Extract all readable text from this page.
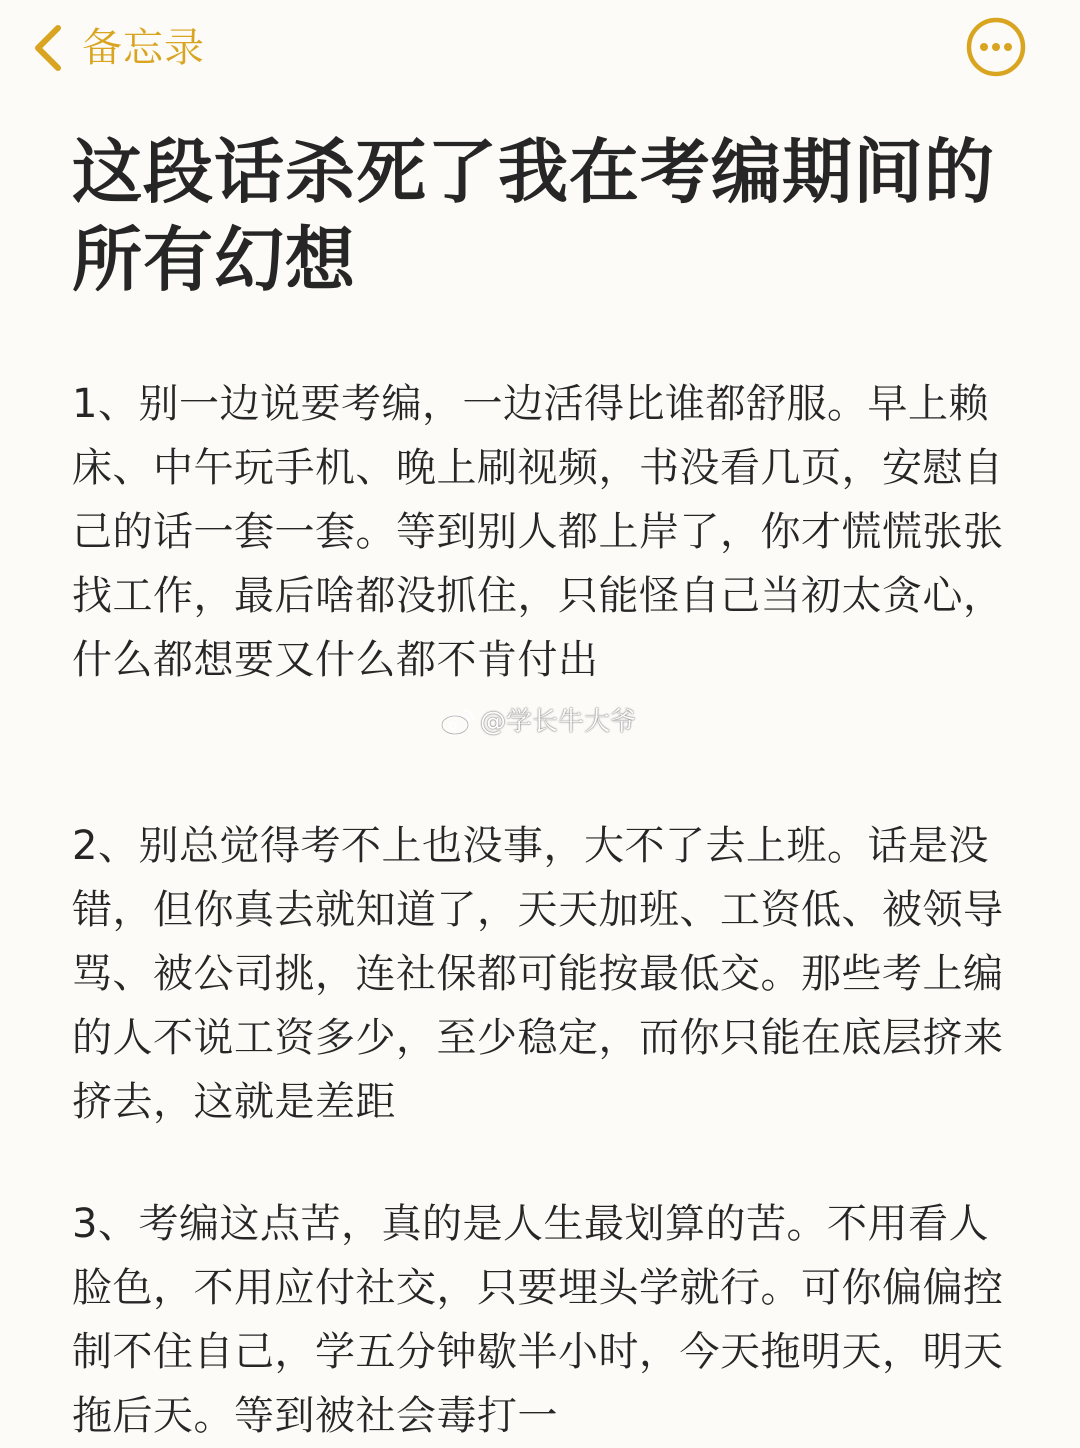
备忘录
这段话杀死了我在考编期间的所有幻想

1、别一边说要考编，一边活得比谁都舒服。早上赖床、中午玩手机、晚上刷视频，书没看几页，安慰自己的话一套一套。等到别人都上岸了，你才慌慌张张找工作，最后啥都没抓住，只能怪自己当初太贪心，什么都想要又什么都不肯付出

2、别总觉得考不上也没事，大不了去上班。话是没错，但你真去就知道了，天天加班、工资低、被领导骂、被公司挑，连社保都可能按最低交。那些考上编的人不说工资多少，至少稳定，而你只能在底层挤来挤去，这就是差距

3、考编这点苦，真的是人生最划算的苦。不用看人脸色，不用应付社交，只要埋头学就行。可你偏偏控制不住自己，学五分钟歇半小时，今天拖明天，明天拖后天。等到被社会毒打一

@学长牛大爷
